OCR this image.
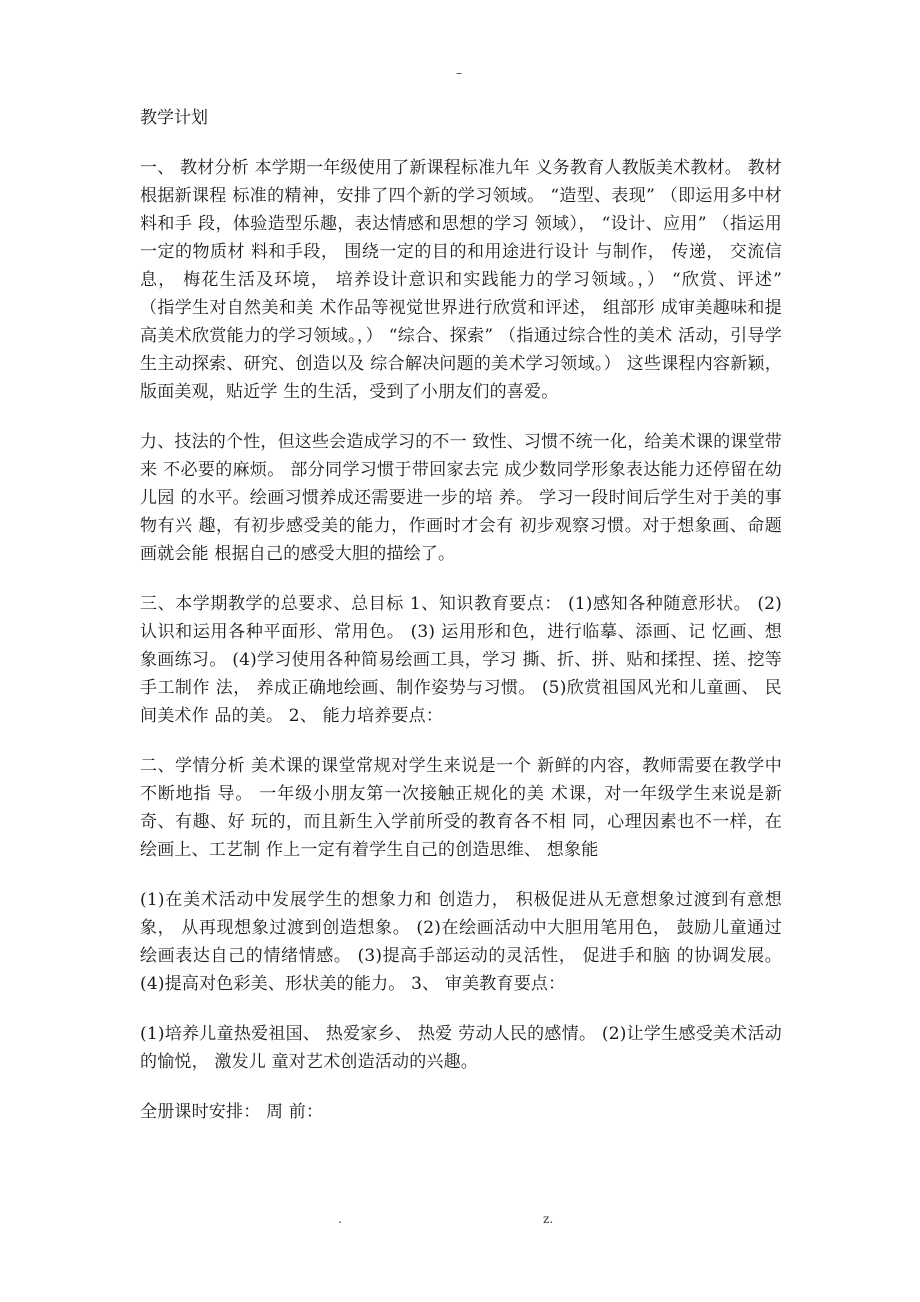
–
教学计划

一、 教材分析 本学期一年级使用了新课程标准九年 义务教育人教版美术教材。 教材根据新课程 标准的精神，安排了四个新的学习领域。 “造型、表现” （即运用多中材料和手 段，体验造型乐趣，表达情感和思想的学习 领域）， “设计、应用” （指运用一定的物质材 料和手段， 围绕一定的目的和用途进行设计 与制作， 传递， 交流信息， 梅花生活及环境， 培养设计意识和实践能力的学习领域。，） “欣赏、评述” （指学生对自然美和美 术作品等视觉世界进行欣赏和评述， 组部形 成审美趣味和提高美术欣赏能力的学习领域。，） “综合、探索” （指通过综合性的美术 活动，引导学生主动探索、研究、创造以及 综合解决问题的美术学习领域。） 这些课程内容新颖，版面美观，贴近学 生的生活，受到了小朋友们的喜爱。

力、技法的个性，但这些会造成学习的不一 致性、习惯不统一化，给美术课的课堂带来 不必要的麻烦。 部分同学习惯于带回家去完 成少数同学形象表达能力还停留在幼儿园 的水平。绘画习惯养成还需要进一步的培 养。 学习一段时间后学生对于美的事物有兴 趣，有初步感受美的能力，作画时才会有 初步观察习惯。对于想象画、命题画就会能 根据自己的感受大胆的描绘了。

三、本学期教学的总要求、总目标 1、知识教育要点： (1)感知各种随意形状。 (2)认识和运用各种平面形、常用色。 (3) 运用形和色，进行临摹、添画、记 忆画、想象画练习。 (4)学习使用各种简易绘画工具，学习 撕、折、拼、贴和揉捏、搓、挖等手工制作 法， 养成正确地绘画、制作姿势与习惯。 (5)欣赏祖国风光和儿童画、 民间美术作 品的美。 2、 能力培养要点：

二、学情分析 美术课的课堂常规对学生来说是一个 新鲜的内容，教师需要在教学中不断地指 导。 一年级小朋友第一次接触正规化的美 术课，对一年级学生来说是新奇、有趣、好 玩的，而且新生入学前所受的教育各不相 同，心理因素也不一样，在绘画上、工艺制 作上一定有着学生自己的创造思维、 想象能

(1)在美术活动中发展学生的想象力和 创造力， 积极促进从无意想象过渡到有意想 象， 从再现想象过渡到创造想象。 (2)在绘画活动中大胆用笔用色， 鼓励儿童通过绘画表达自己的情绪情感。 (3)提高手部运动的灵活性， 促进手和脑 的协调发展。 (4)提高对色彩美、形状美的能力。 3、 审美教育要点：

(1)培养儿童热爱祖国、 热爱家乡、 热爱 劳动人民的感情。 (2)让学生感受美术活动的愉悦， 激发儿 童对艺术创造活动的兴趣。

全册课时安排： 周 前：

.	z.
